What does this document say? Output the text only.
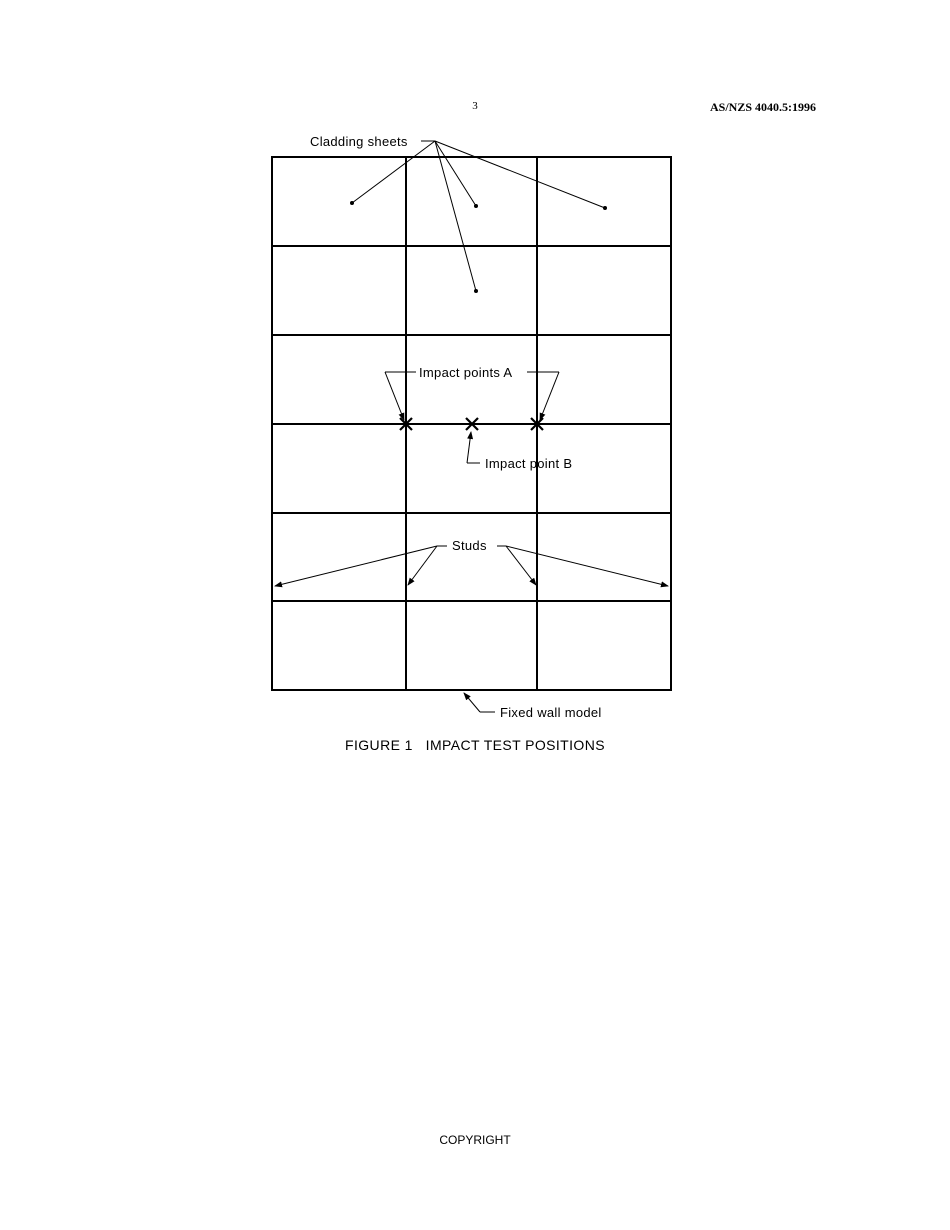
3	AS/NZS 4040.5:1996
Cladding sheets
Impact points A
Impact point B
Studs
Fixed wall model
FIGURE 1   IMPACT TEST POSITIONS
COPYRIGHT
